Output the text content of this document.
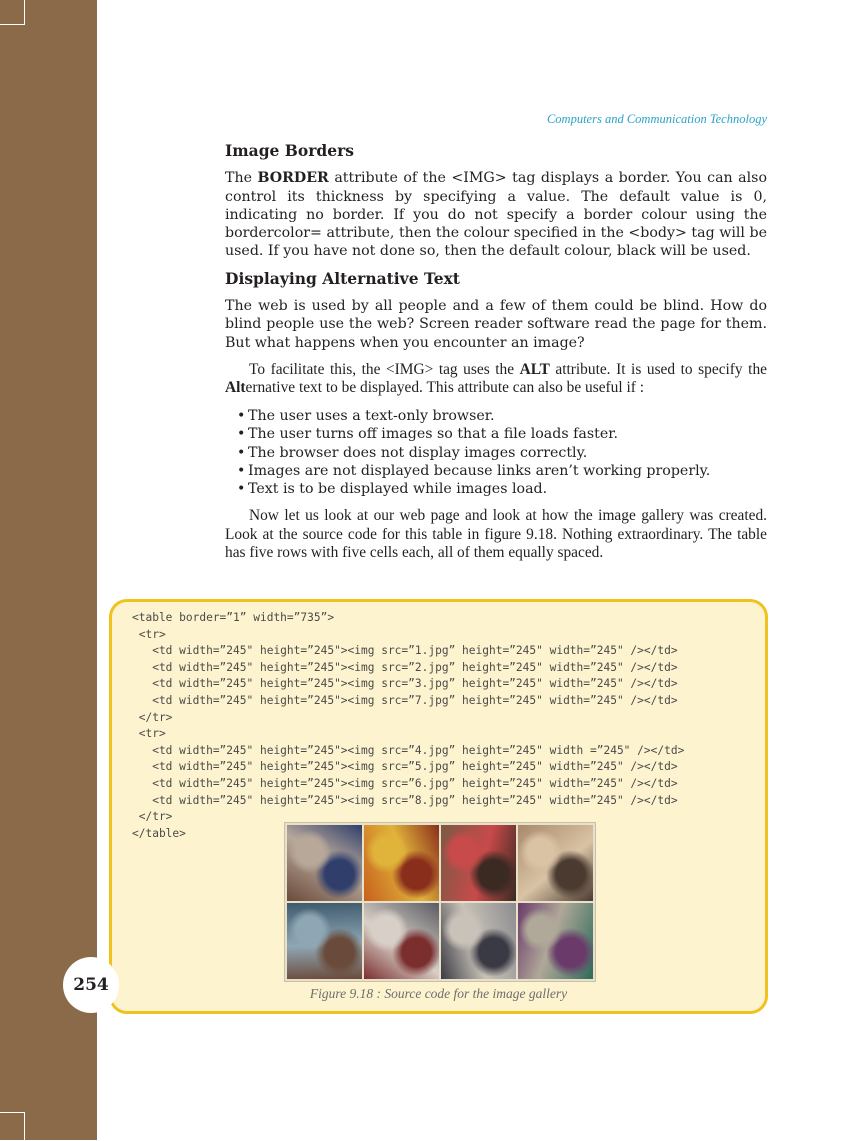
Computers and Communication Technology
Image Borders

The BORDER attribute of the <IMG> tag displays a border. You can also control its thickness by specifying a value. The default value is 0, indicating no border. If you do not specify a border colour using the bordercolor= attribute, then the colour specified in the <body> tag will be used. If you have not done so, then the default colour, black will be used.

Displaying Alternative Text

The web is used by all people and a few of them could be blind. How do blind people use the web? Screen reader software read the page for them. But what happens when you encounter an image?

To facilitate this, the <IMG> tag uses the ALT attribute. It is used to specify the Alternative text to be displayed. This attribute can also be useful if :

• The user uses a text-only browser.
• The user turns off images so that a file loads faster.
• The browser does not display images correctly.
• Images are not displayed because links aren’t working properly.
• Text is to be displayed while images load.

Now let us look at our web page and look at how the image gallery was created. Look at the source code for this table in figure 9.18. Nothing extraordinary. The table has five rows with five cells each, all of them equally spaced.

<table border=”1” width=”735”>
<tr>
<td width=”245" height=”245"><img src=”1.jpg” height=”245" width=”245" /></td>
<td width=”245" height=”245"><img src=”2.jpg” height=”245" width=”245" /></td>
<td width=”245" height=”245"><img src=”3.jpg” height=”245" width=”245" /></td>
<td width=”245" height=”245"><img src=”7.jpg” height=”245" width=”245" /></td>
</tr>
<tr>
<td width=”245" height=”245"><img src=”4.jpg” height=”245" width =”245" /></td>
<td width=”245" height=”245"><img src=”5.jpg” height=”245" width=”245" /></td>
<td width=”245" height=”245"><img src=”6.jpg” height=”245" width=”245" /></td>
<td width=”245" height=”245"><img src=”8.jpg” height=”245" width=”245" /></td>
</tr>
</table>
Figure 9.18 : Source code for the image gallery
254
